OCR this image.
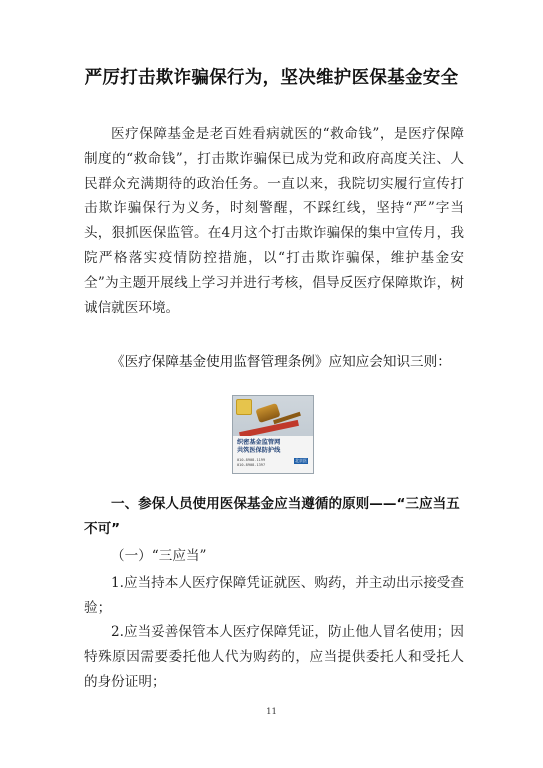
严厉打击欺诈骗保行为，坚决维护医保基金安全
医疗保障基金是老百姓看病就医的“救命钱”，是医疗保障制度的“救命钱”，打击欺诈骗保已成为党和政府高度关注、人民群众充满期待的政治任务。一直以来，我院切实履行宣传打击欺诈骗保行为义务，时刻警醒，不踩红线，坚持“严”字当头，狠抓医保监管。在4月这个打击欺诈骗保的集中宣传月，我院严格落实疫情防控措施，以“打击欺诈骗保，维护基金安全”为主题开展线上学习并进行考核，倡导反医疗保障欺诈，树诚信就医环境。
《医疗保障基金使用监督管理条例》应知应会知识三则：
织密基金监管网 共筑医保防护线
010-8908-1199
010-8908-1397
北京医保
一、参保人员使用医保基金应当遵循的原则——“三应当五不可”
（一）“三应当”
1.应当持本人医疗保障凭证就医、购药，并主动出示接受查验；
2.应当妥善保管本人医疗保障凭证，防止他人冒名使用；因特殊原因需要委托他人代为购药的，应当提供委托人和受托人的身份证明；
11
